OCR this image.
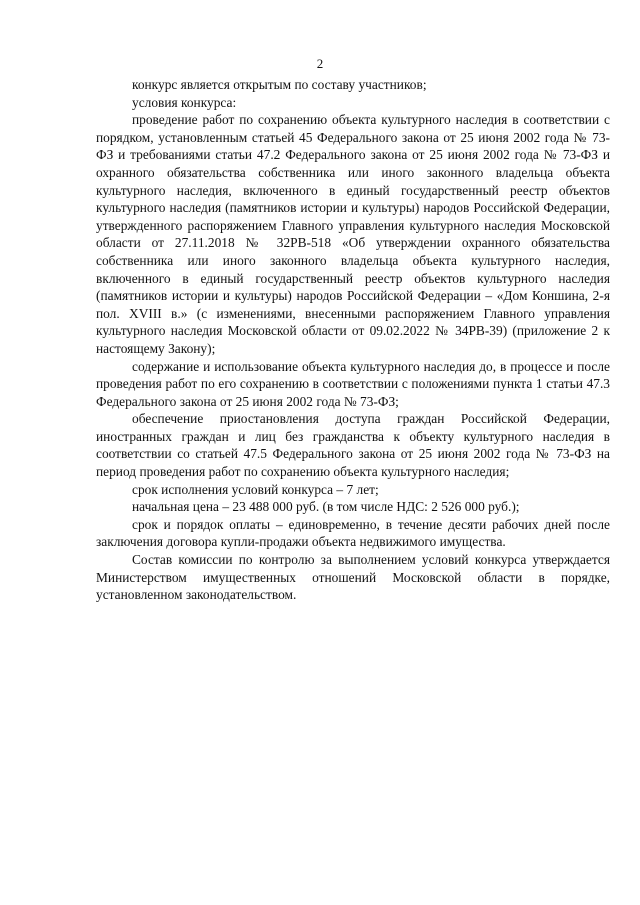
2

конкурс является открытым по составу участников;

условия конкурса:

проведение работ по сохранению объекта культурного наследия в соответствии с порядком, установленным статьей 45 Федерального закона от 25 июня 2002 года № 73-ФЗ и требованиями статьи 47.2 Федерального закона от 25 июня 2002 года № 73-ФЗ и охранного обязательства собственника или иного законного владельца объекта культурного наследия, включенного в единый государственный реестр объектов культурного наследия (памятников истории и культуры) народов Российской Федерации, утвержденного распоряжением Главного управления культурного наследия Московской области от 27.11.2018 № 32РВ-518 «Об утверждении охранного обязательства собственника или иного законного владельца объекта культурного наследия, включенного в единый государственный реестр объектов культурного наследия (памятников истории и культуры) народов Российской Федерации – «Дом Коншина, 2-я пол. XVIII в.» (с изменениями, внесенными распоряжением Главного управления культурного наследия Московской области от 09.02.2022 № 34РВ-39) (приложение 2 к настоящему Закону);

содержание и использование объекта культурного наследия до, в процессе и после проведения работ по его сохранению в соответствии с положениями пункта 1 статьи 47.3 Федерального закона от 25 июня 2002 года № 73-ФЗ;

обеспечение приостановления доступа граждан Российской Федерации, иностранных граждан и лиц без гражданства к объекту культурного наследия в соответствии со статьей 47.5 Федерального закона от 25 июня 2002 года № 73-ФЗ на период проведения работ по сохранению объекта культурного наследия;

срок исполнения условий конкурса – 7 лет;

начальная цена – 23 488 000 руб. (в том числе НДС: 2 526 000 руб.);

срок и порядок оплаты – единовременно, в течение десяти рабочих дней после заключения договора купли-продажи объекта недвижимого имущества.

Состав комиссии по контролю за выполнением условий конкурса утверждается Министерством имущественных отношений Московской области в порядке, установленном законодательством.
